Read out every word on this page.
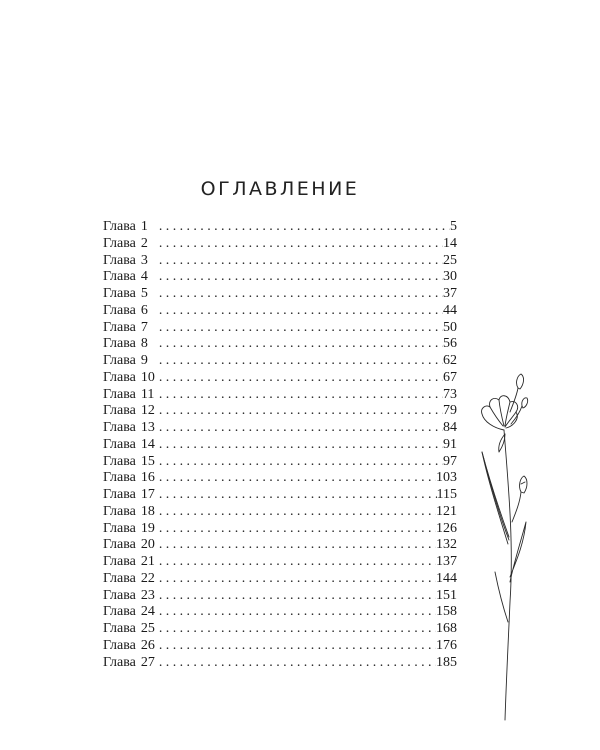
ОГЛАВЛЕНИЕ
Глава 1 .....	5
Глава 2 .....	14
Глава 3 .....	25
Глава 4 .....	30
Глава 5 .....	37
Глава 6 .....	44
Глава 7 .....	50
Глава 8 .....	56
Глава 9 .....	62
Глава 10 .....	67
Глава 11 .....	73
Глава 12 .....	79
Глава 13 .....	84
Глава 14 .....	91
Глава 15 .....	97
Глава 16 .....	103
Глава 17 .....	115
Глава 18 .....	121
Глава 19 .....	126
Глава 20 .....	132
Глава 21 .....	137
Глава 22 .....	144
Глава 23 .....	151
Глава 24 .....	158
Глава 25 .....	168
Глава 26 .....	176
Глава 27 .....	185
